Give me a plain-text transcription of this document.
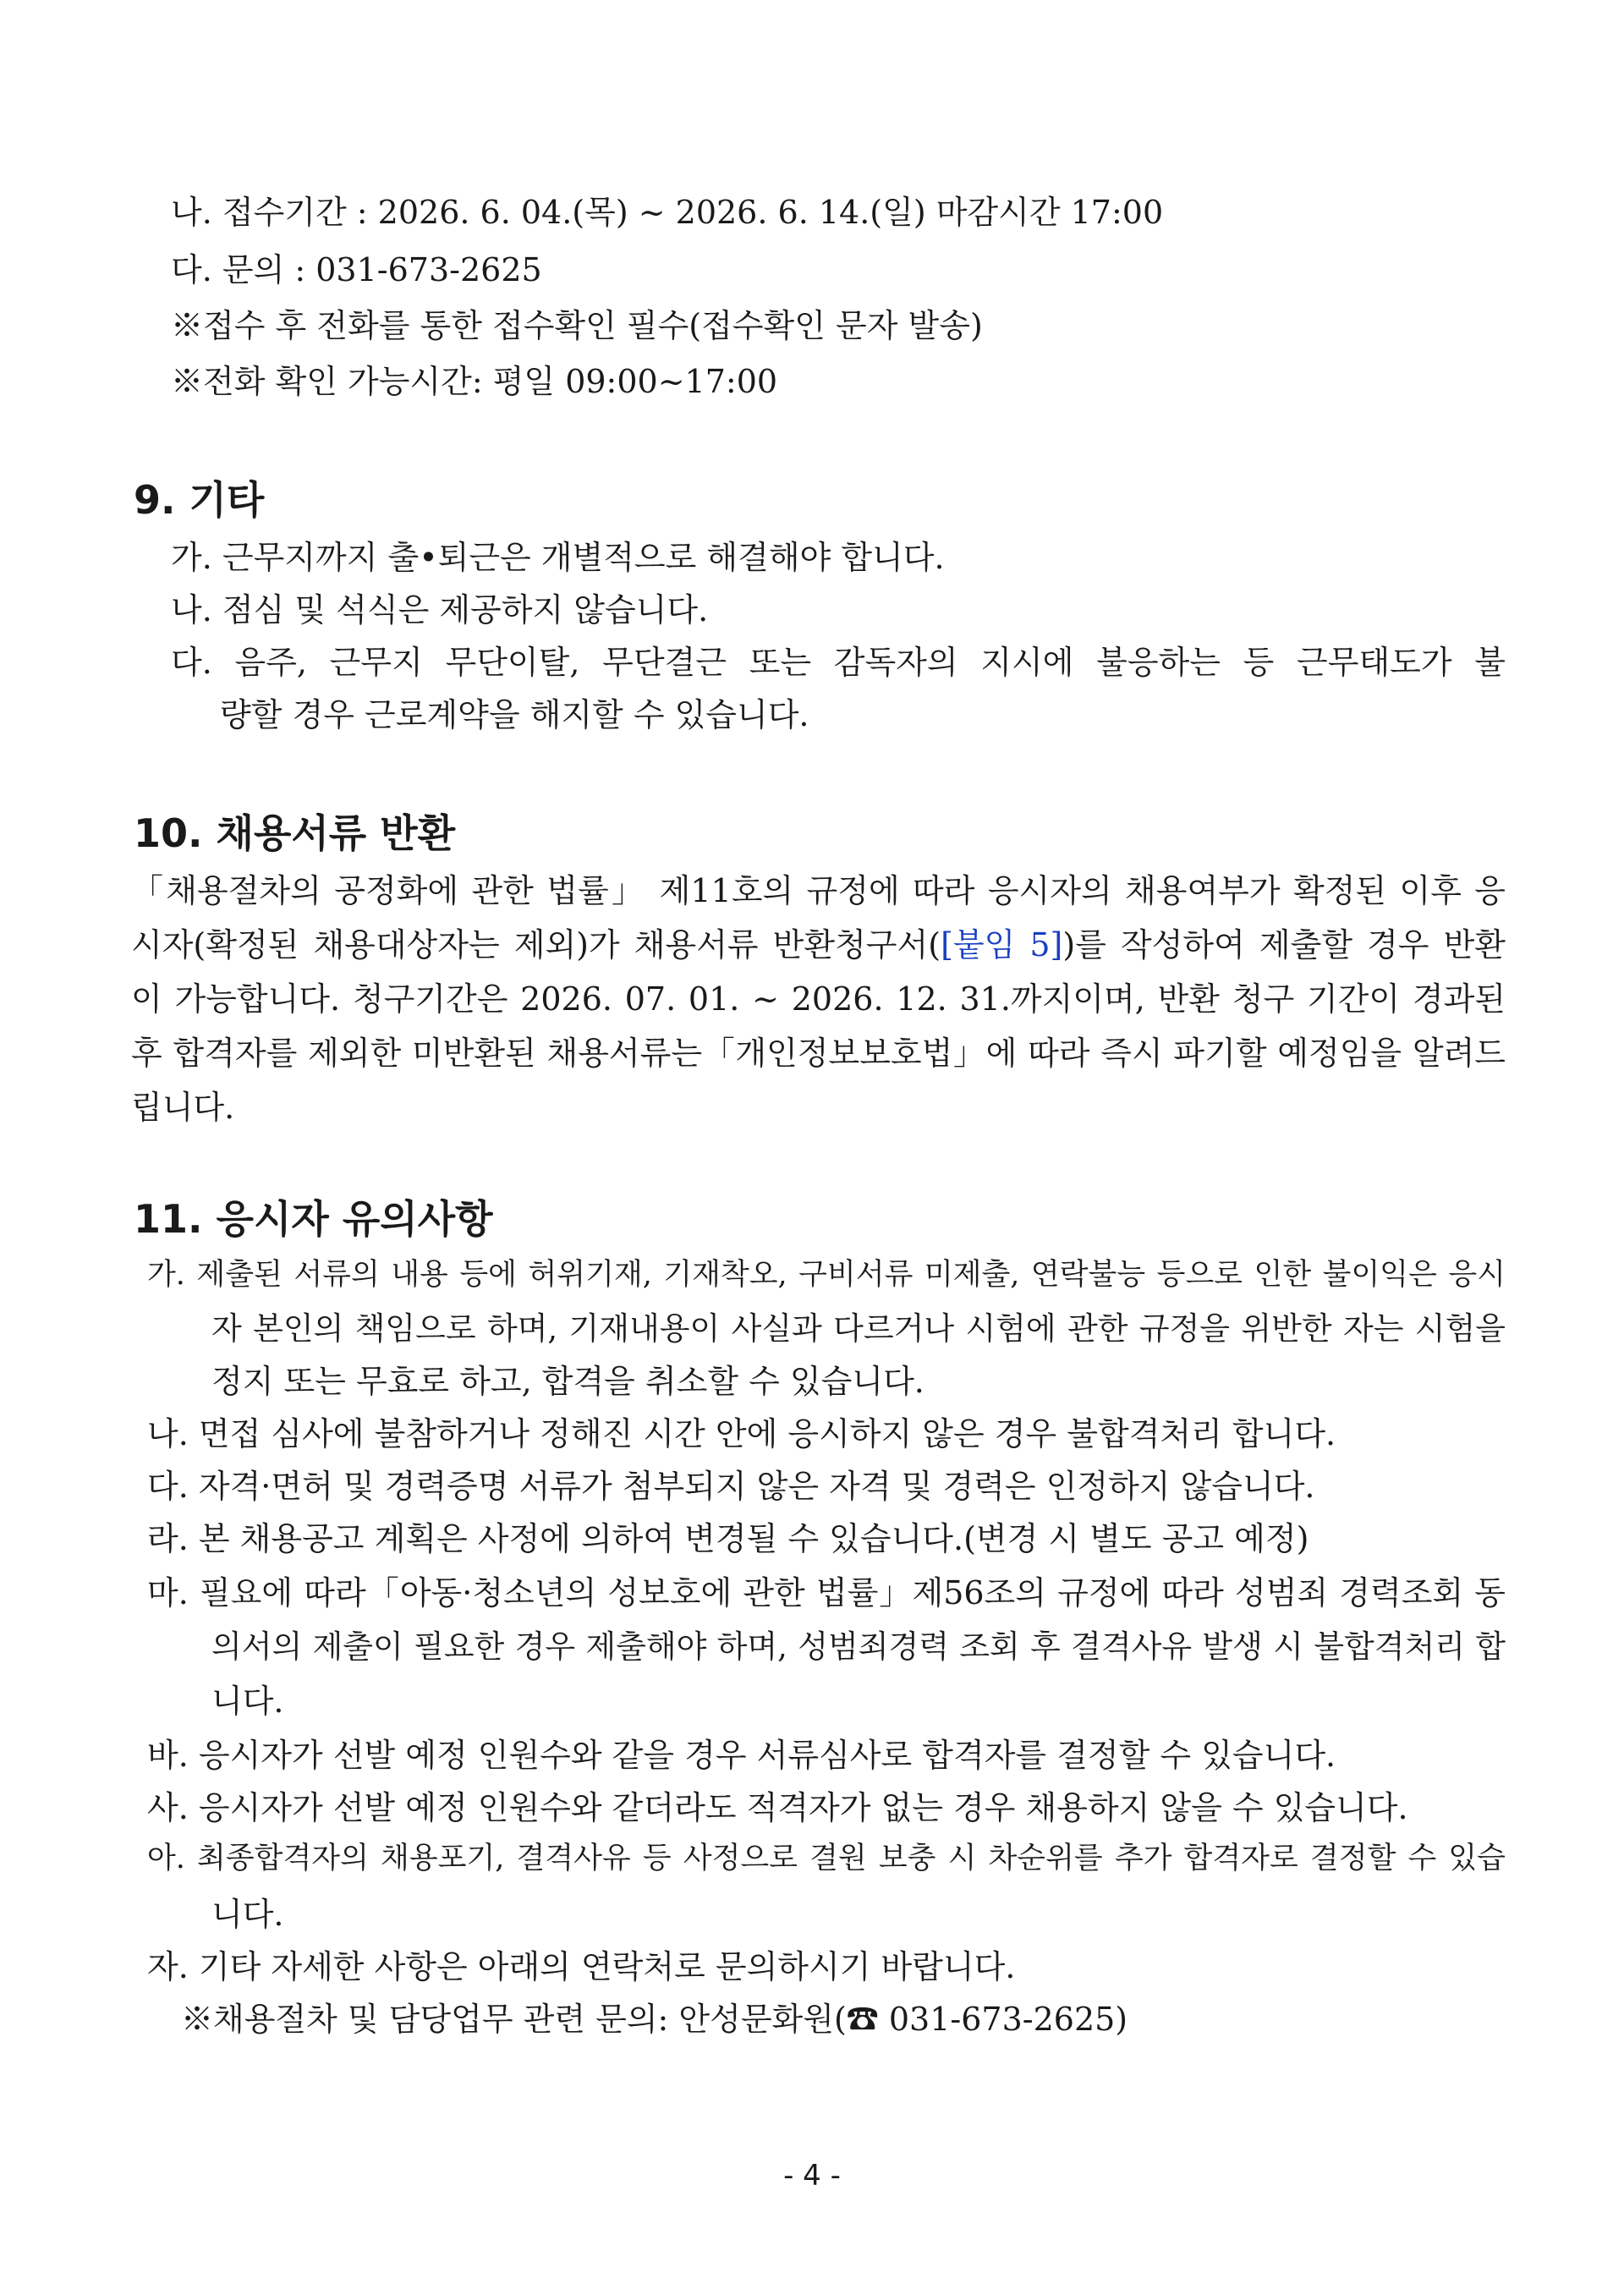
나. 접수기간 : 2026. 6. 04.(목) ~ 2026. 6. 14.(일) 마감시간 17:00
다. 문의 : 031-673-2625
※접수 후 전화를 통한 접수확인 필수(접수확인 문자 발송)
※전화 확인 가능시간: 평일 09:00~17:00
9. 기타
가. 근무지까지 출•퇴근은 개별적으로 해결해야 합니다.
나. 점심 및 석식은 제공하지 않습니다.
다. 음주, 근무지 무단이탈, 무단결근 또는 감독자의 지시에 불응하는 등 근무태도가 불
량할 경우 근로계약을 해지할 수 있습니다.
10. 채용서류 반환
「채용절차의 공정화에 관한 법률」 제11호의 규정에 따라 응시자의 채용여부가 확정된 이후 응
시자(확정된 채용대상자는 제외)가 채용서류 반환청구서([붙임 5])를 작성하여 제출할 경우 반환
이 가능합니다. 청구기간은 2026. 07. 01. ~ 2026. 12. 31.까지이며, 반환 청구 기간이 경과된
후 합격자를 제외한 미반환된 채용서류는「개인정보보호법」에 따라 즉시 파기할 예정임을 알려드
립니다.
11. 응시자 유의사항
가. 제출된 서류의 내용 등에 허위기재, 기재착오, 구비서류 미제출, 연락불능 등으로 인한 불이익은 응시
자 본인의 책임으로 하며, 기재내용이 사실과 다르거나 시험에 관한 규정을 위반한 자는 시험을
정지 또는 무효로 하고, 합격을 취소할 수 있습니다.
나. 면접 심사에 불참하거나 정해진 시간 안에 응시하지 않은 경우 불합격처리 합니다.
다. 자격·면허 및 경력증명 서류가 첨부되지 않은 자격 및 경력은 인정하지 않습니다.
라. 본 채용공고 계획은 사정에 의하여 변경될 수 있습니다.(변경 시 별도 공고 예정)
마. 필요에 따라「아동·청소년의 성보호에 관한 법률」제56조의 규정에 따라 성범죄 경력조회 동
의서의 제출이 필요한 경우 제출해야 하며, 성범죄경력 조회 후 결격사유 발생 시 불합격처리 합
니다.
바. 응시자가 선발 예정 인원수와 같을 경우 서류심사로 합격자를 결정할 수 있습니다.
사. 응시자가 선발 예정 인원수와 같더라도 적격자가 없는 경우 채용하지 않을 수 있습니다.
아. 최종합격자의 채용포기, 결격사유 등 사정으로 결원 보충 시 차순위를 추가 합격자로 결정할 수 있습
니다.
자. 기타 자세한 사항은 아래의 연락처로 문의하시기 바랍니다.
※채용절차 및 담당업무 관련 문의: 안성문화원(☎ 031-673-2625)
- 4 -
